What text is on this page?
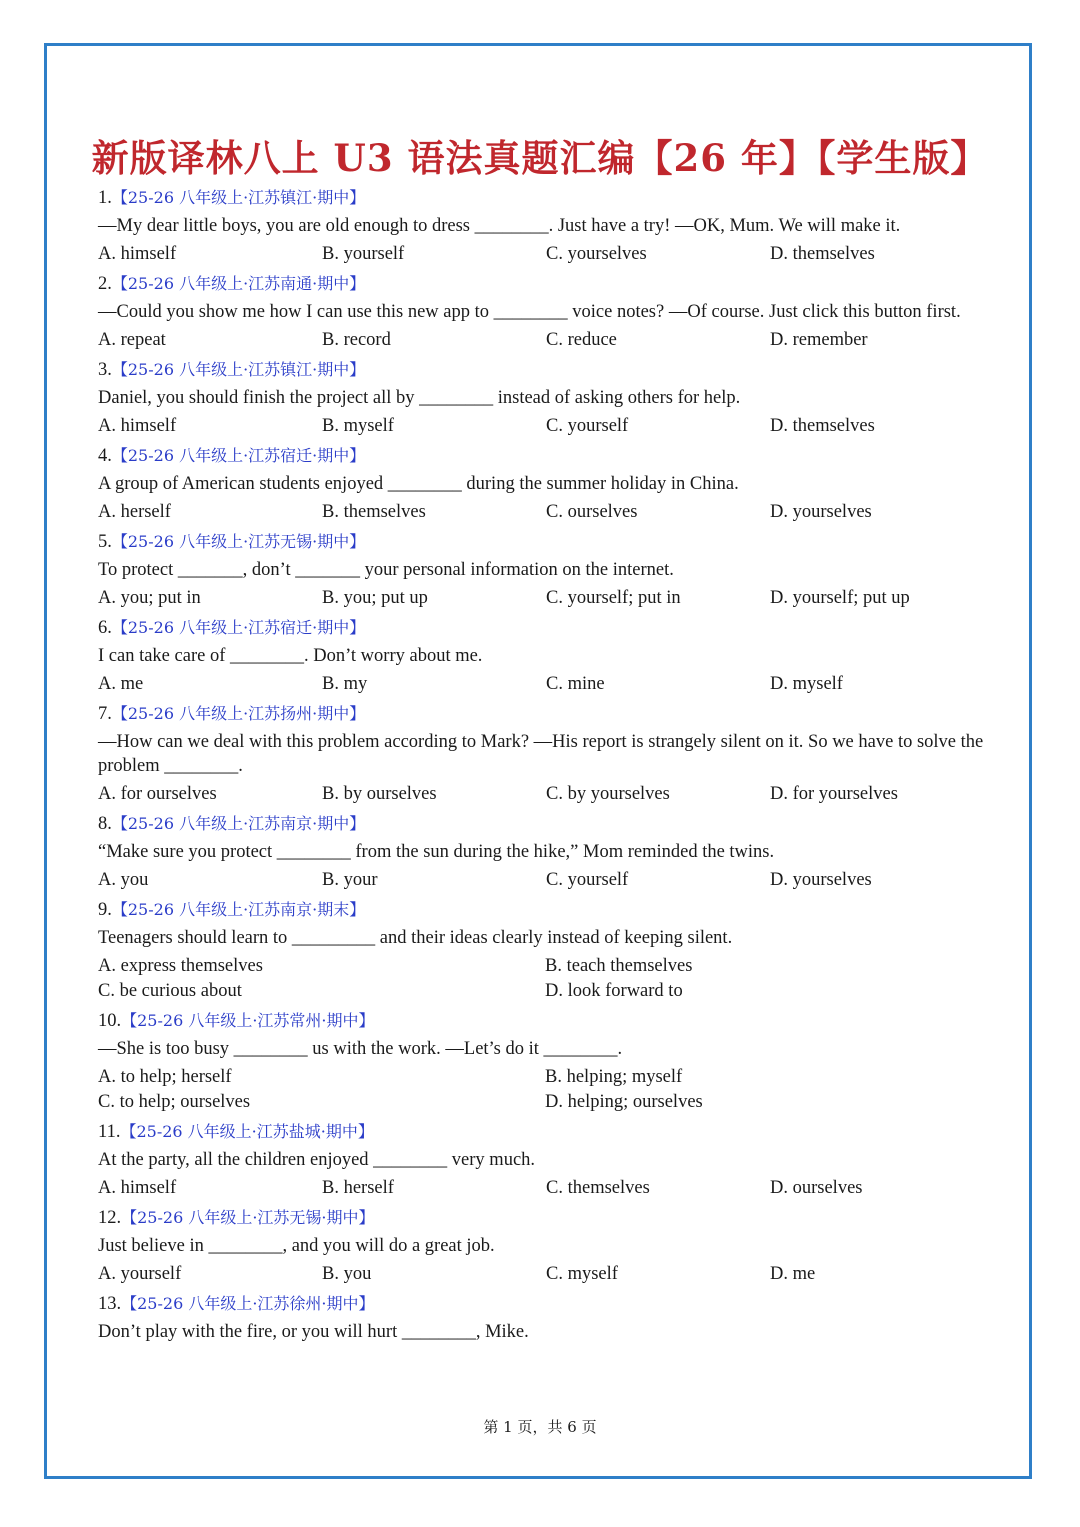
新版译林八上 U3 语法真题汇编【26 年】【学生版】
1.【25-26 八年级上·江苏镇江·期中】
—My dear little boys, you are old enough to dress ________. Just have a try! —OK, Mum. We will make it.
A. himself	B. yourself	C. yourselves	D. themselves
2.【25-26 八年级上·江苏南通·期中】
—Could you show me how I can use this new app to ________ voice notes? —Of course. Just click this button first.
A. repeat	B. record	C. reduce	D. remember
3.【25-26 八年级上·江苏镇江·期中】
Daniel, you should finish the project all by ________ instead of asking others for help.
A. himself	B. myself	C. yourself	D. themselves
4.【25-26 八年级上·江苏宿迁·期中】
A group of American students enjoyed ________ during the summer holiday in China.
A. herself	B. themselves	C. ourselves	D. yourselves
5.【25-26 八年级上·江苏无锡·期中】
To protect _______, don’t _______ your personal information on the internet.
A. you; put in	B. you; put up	C. yourself; put in	D. yourself; put up
6.【25-26 八年级上·江苏宿迁·期中】
I can take care of ________. Don’t worry about me.
A. me	B. my	C. mine	D. myself
7.【25-26 八年级上·江苏扬州·期中】
—How can we deal with this problem according to Mark? —His report is strangely silent on it. So we have to solve the problem ________.
A. for ourselves	B. by ourselves	C. by yourselves	D. for yourselves
8.【25-26 八年级上·江苏南京·期中】
“Make sure you protect ________ from the sun during the hike,” Mom reminded the twins.
A. you	B. your	C. yourself	D. yourselves
9.【25-26 八年级上·江苏南京·期末】
Teenagers should learn to _________ and their ideas clearly instead of keeping silent.
A. express themselves	B. teach themselves
C. be curious about	D. look forward to
10.【25-26 八年级上·江苏常州·期中】
—She is too busy ________ us with the work. —Let’s do it ________.
A. to help; herself	B. helping; myself
C. to help; ourselves	D. helping; ourselves
11.【25-26 八年级上·江苏盐城·期中】
At the party, all the children enjoyed ________ very much.
A. himself	B. herself	C. themselves	D. ourselves
12.【25-26 八年级上·江苏无锡·期中】
Just believe in ________, and you will do a great job.
A. yourself	B. you	C. myself	D. me
13.【25-26 八年级上·江苏徐州·期中】
Don’t play with the fire, or you will hurt ________, Mike.
第 1 页，共 6 页
